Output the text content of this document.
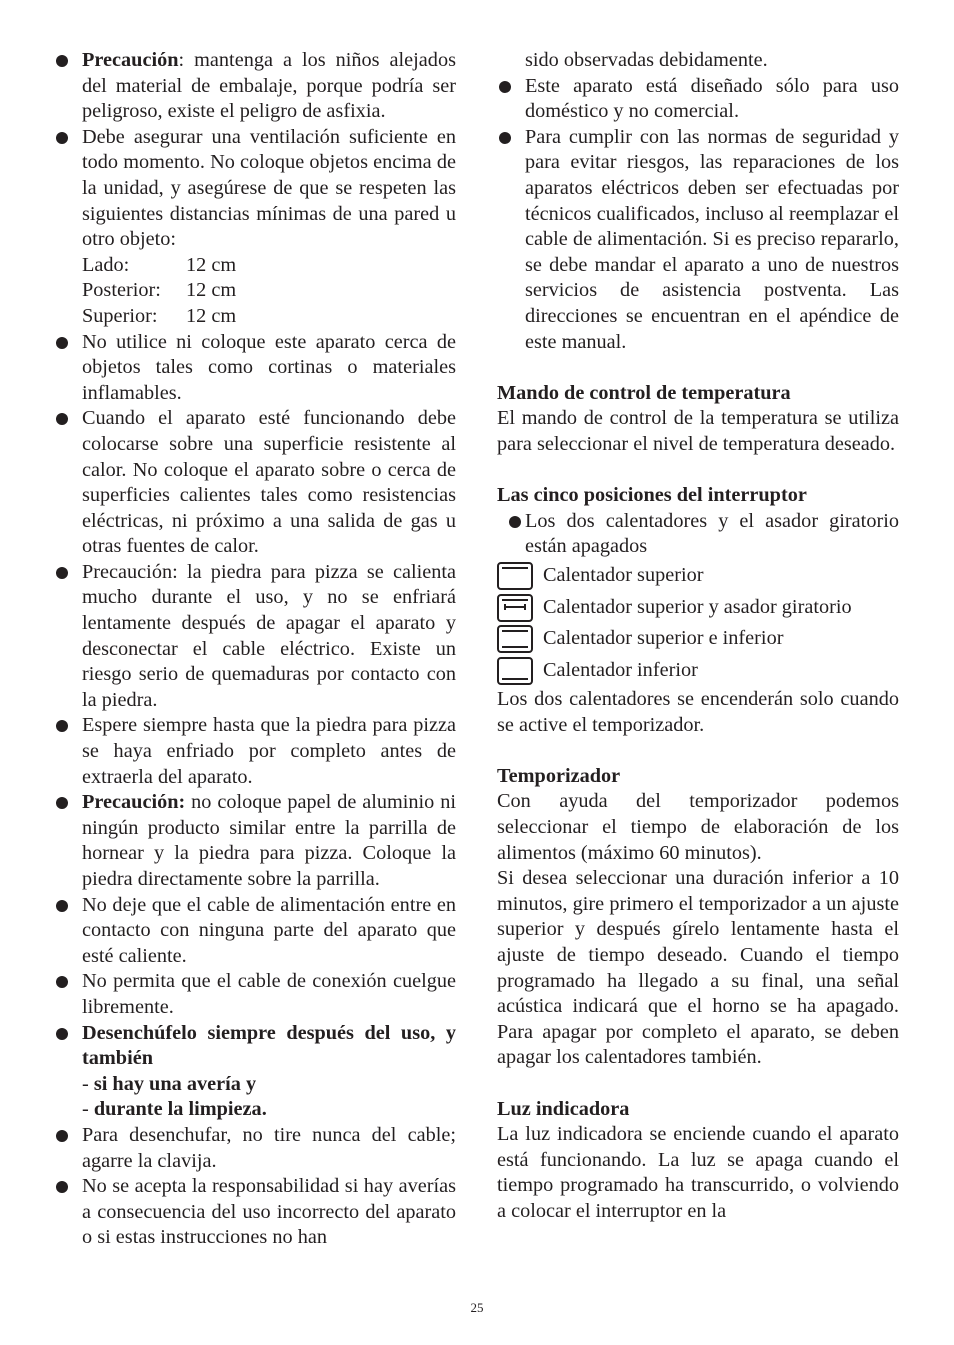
Precaución: mantenga a los niños alejados del material de embalaje, porque podría ser peligroso, existe el peligro de asfixia.
Debe asegurar una ventilación suficiente en todo momento. No coloque objetos encima de la unidad, y asegúrese de que se respeten las siguientes distancias mínimas de una pared u otro objeto:
Lado:	12 cm
Posterior:	12 cm
Superior:	12 cm
No utilice ni coloque este aparato cerca de objetos tales como cortinas o materiales inflamables.
Cuando el aparato esté funcionando debe colocarse sobre una superficie resistente al calor. No coloque el aparato sobre o cerca de superficies calientes tales como resistencias eléctricas, ni próximo a una salida de gas u otras fuentes de calor.
Precaución: la piedra para pizza se calienta mucho durante el uso, y no se enfriará lentamente después de apagar el aparato y desconectar el cable eléctrico. Existe un riesgo serio de quemaduras por contacto con la piedra.
Espere siempre hasta que la piedra para pizza se haya enfriado por completo antes de extraerla del aparato.
Precaución: no coloque papel de aluminio ni ningún producto similar entre la parrilla de hornear y la piedra para pizza. Coloque la piedra directamente sobre la parrilla.
No deje que el cable de alimentación entre en contacto con ninguna parte del aparato que esté caliente.
No permita que el cable de conexión cuelgue libremente.
Desenchúfelo siempre después del uso, y también
- si hay una avería y
- durante la limpieza.
Para desenchufar, no tire nunca del cable; agarre la clavija.
No se acepta la responsabilidad si hay averías a consecuencia del uso incorrecto del aparato o si estas instrucciones no han
sido observadas debidamente.
Este aparato está diseñado sólo para uso doméstico y no comercial.
Para cumplir con las normas de seguridad y para evitar riesgos, las reparaciones de los aparatos eléctricos deben ser efectuadas por técnicos cualificados, incluso al reemplazar el cable de alimentación. Si es preciso repararlo, se debe mandar el aparato a uno de nuestros servicios de asistencia postventa. Las direcciones se encuentran en el apéndice de este manual.
Mando de control de temperatura
El mando de control de la temperatura se utiliza para seleccionar el nivel de temperatura deseado.
Las cinco posiciones del interruptor
Los dos calentadores y el asador giratorio están apagados
Calentador superior
Calentador superior y asador giratorio
Calentador superior e inferior
Calentador inferior
Los dos calentadores se encenderán solo cuando se active el temporizador.
Temporizador
Con ayuda del temporizador podemos seleccionar el tiempo de elaboración de los alimentos (máximo 60 minutos).
Si desea seleccionar una duración inferior a 10 minutos, gire primero el temporizador a un ajuste superior y después gírelo lentamente hasta el ajuste de tiempo deseado. Cuando el tiempo programado ha llegado a su final, una señal acústica indicará que el horno se ha apagado. Para apagar por completo el aparato, se deben apagar los calentadores también.
Luz indicadora
La luz indicadora se enciende cuando el aparato está funcionando. La luz se apaga cuando el tiempo programado ha transcurrido, o volviendo a colocar el interruptor en la
25
